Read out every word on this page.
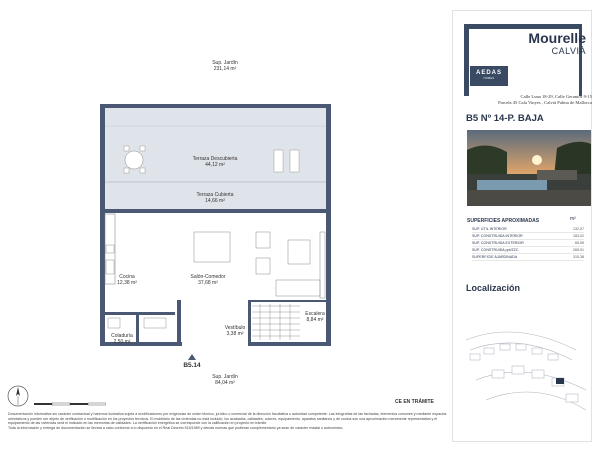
Sup. Jardín
231,14 m²
Terraza Descubierta
44,12 m²
Terraza Cubierta
14,66 m²
Cocina
12,38 m²
Salón-Comedor
37,68 m²
Coladuría
2,50 m²
Vestíbulo
3,38 m²
Escalera
8,84 m²
B5.14
Sup. Jardín
84,04 m²
Mourelle
CALVIÀ
AEDAS
HOMES
Calle Luna 18-29, Calle Geranios 9-15
Parcela 45 Cala Vinyes , Calvià Palma de Mallorca
B5 Nº 14-P. BAJA
SUPERFICIES APROXIMADAS	m²
SUP. ÚTIL INTERIOR	132,07
SUP. CONSTRUIDA INTERIOR	183,02
SUP. CONSTRUIDA EXTERIOR	65,59
SUP. CONSTRUIDA ppt/ZZC	265,91
SUPERFICIE AJARDINADA	315,38
Localización
CE EN TRÁMITE
Documentación informativa sin carácter contractual y haremos ilustrativa sujeta a modificaciones por exigencias de orden técnico, jurídico o comercial de la dirección facultativa o autoridad competente. Las infografías de las fachadas, elementos comunes y mediante espacios orientativos y pueden ser objeto de verificación o modificación en los proyectos técnicos. El mobiliario de las viviendas no está incluido, los acabados, calidades, colores, equipamiento, aparatos sanitarios y de cocina son una aproximación meramente representativa y el equipamiento de las viviendas será el indicado en las memorias de calidades. La certificación energética se corresponde con la calificación en proyecto en trámite.
Toda la información y entrega de documentación se llevará a cabo conforme a lo dispuesto en el Real Decreto 515/1989 y demás normas que pudieran complementarlo ya sean de carácter estatal o autonómico.
